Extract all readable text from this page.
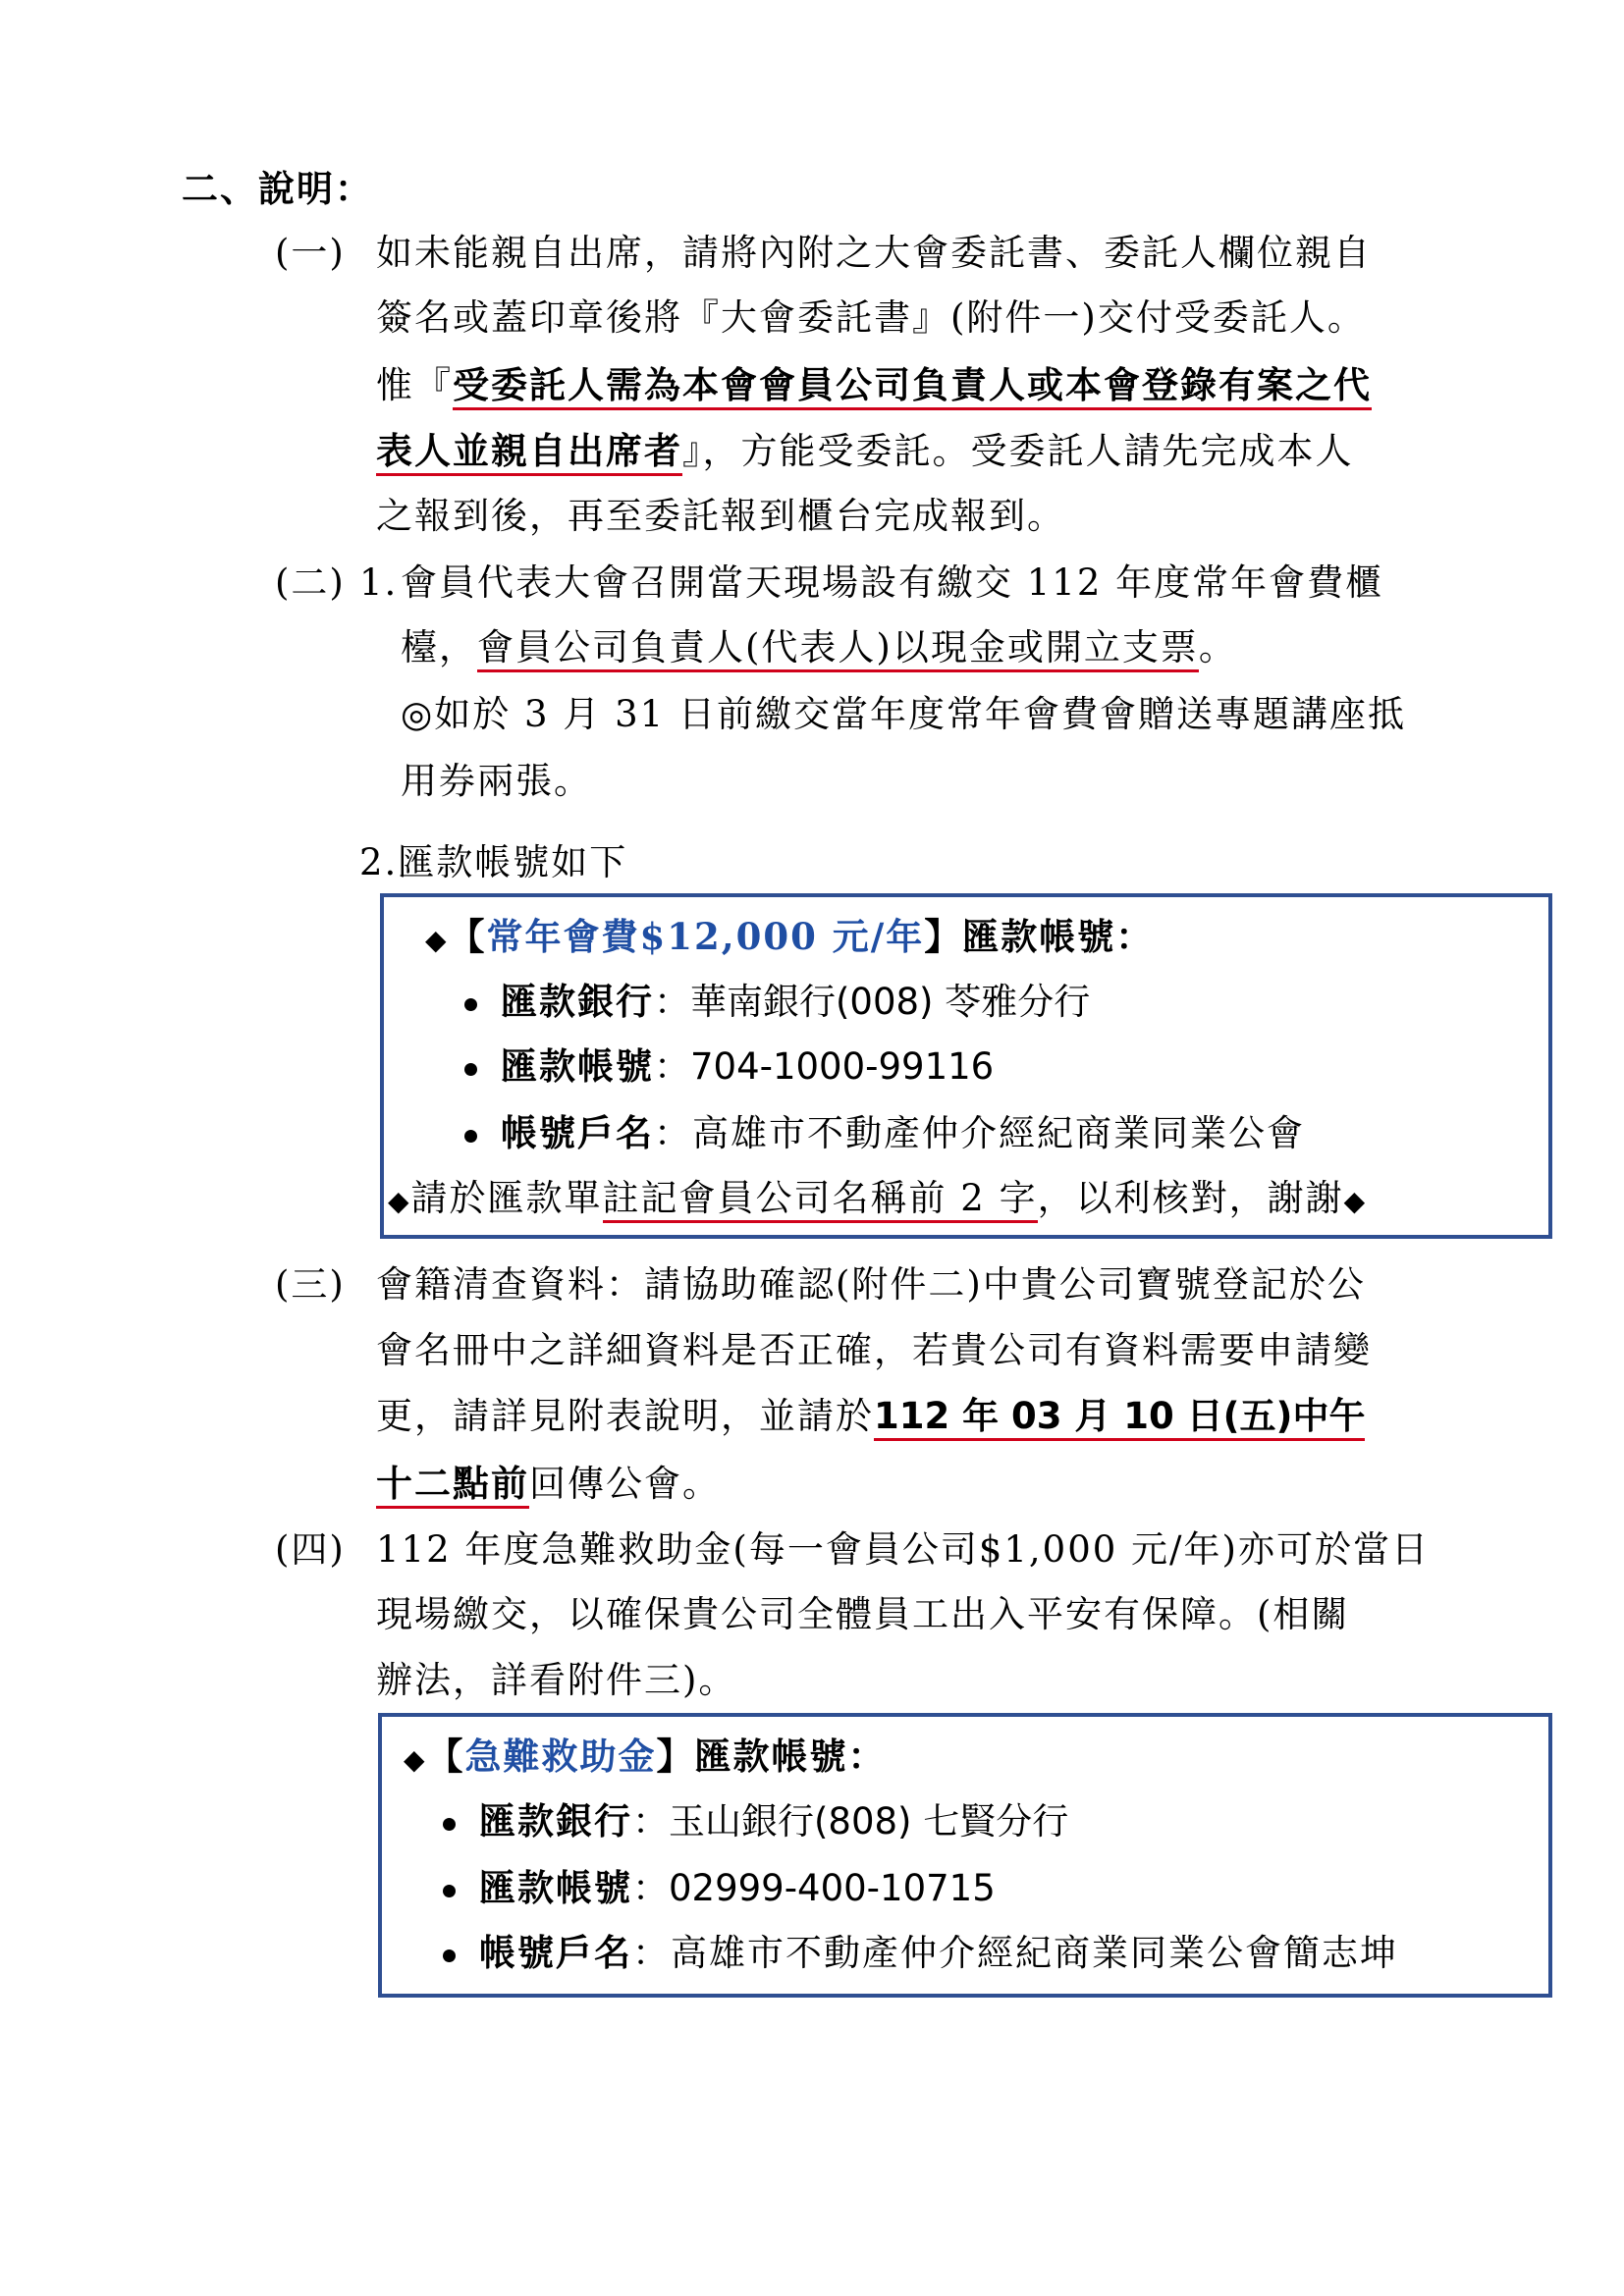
二、說明：
(一) 如未能親自出席，請將內附之大會委託書、委託人欄位親自
簽名或蓋印章後將『大會委託書』(附件一)交付受委託人。
惟『受委託人需為本會會員公司負責人或本會登錄有案之代
表人並親自出席者』，方能受委託。受委託人請先完成本人
之報到後，再至委託報到櫃台完成報到。
(二) 1. 會員代表大會召開當天現場設有繳交 112 年度常年會費櫃
檯，會員公司負責人(代表人)以現金或開立支票。
◎如於 3 月 31 日前繳交當年度常年會費會贈送專題講座抵
用券兩張。
2.匯款帳號如下
◆【常年會費$12,000 元/年】匯款帳號：
匯款銀行：華南銀行(008) 苓雅分行
匯款帳號：704-1000-99116
帳號戶名：高雄市不動產仲介經紀商業同業公會
◆請於匯款單註記會員公司名稱前 2 字，以利核對，謝謝◆
(三) 會籍清查資料：請協助確認(附件二)中貴公司寶號登記於公
會名冊中之詳細資料是否正確，若貴公司有資料需要申請變
更，請詳見附表說明，並請於112 年 03 月 10 日(五)中午
十二點前回傳公會。
(四) 112 年度急難救助金(每一會員公司$1,000 元/年)亦可於當日
現場繳交，以確保貴公司全體員工出入平安有保障。(相關
辦法，詳看附件三)。
◆【急難救助金】匯款帳號：
匯款銀行：玉山銀行(808) 七賢分行
匯款帳號：02999-400-10715
帳號戶名：高雄市不動產仲介經紀商業同業公會簡志坤
